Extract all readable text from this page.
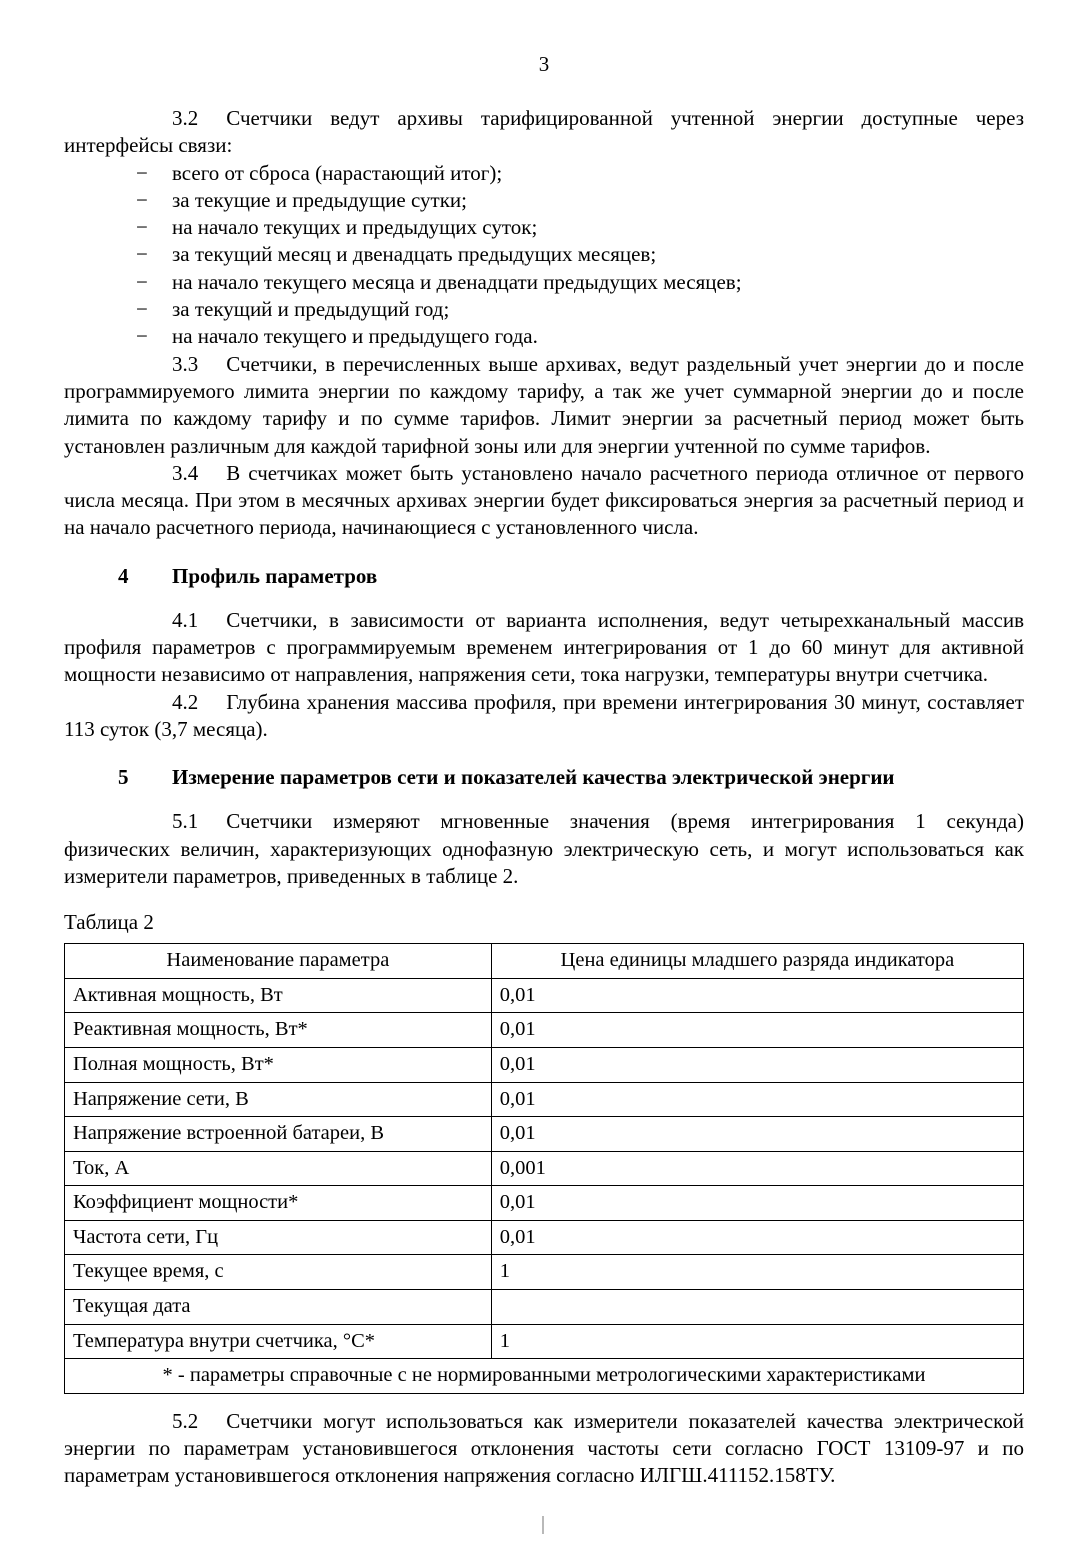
3

3.2 Счетчики ведут архивы тарифицированной учтенной энергии доступные через интерфейсы связи:

− всего от сброса (нарастающий итог);
− за текущие и предыдущие сутки;
− на начало текущих и предыдущих суток;
− за текущий месяц и двенадцать предыдущих месяцев;
− на начало текущего месяца и двенадцати предыдущих месяцев;
− за текущий и предыдущий год;
− на начало текущего и предыдущего года.

3.3 Счетчики, в перечисленных выше архивах, ведут раздельный учет энергии до и после программируемого лимита энергии по каждому тарифу, а так же учет суммарной энергии до и после лимита по каждому тарифу и по сумме тарифов. Лимит энергии за расчетный период может быть установлен различным для каждой тарифной зоны или для энергии учтенной по сумме тарифов.

3.4 В счетчиках может быть установлено начало расчетного периода отличное от первого числа месяца. При этом в месячных архивах энергии будет фиксироваться энергия за расчетный период и на начало расчетного периода, начинающиеся с установленного числа.

4	Профиль параметров

4.1 Счетчики, в зависимости от варианта исполнения, ведут четырехканальный массив профиля параметров с программируемым временем интегрирования от 1 до 60 минут для активной мощности независимо от направления, напряжения сети, тока нагрузки, температуры внутри счетчика.

4.2 Глубина хранения массива профиля, при времени интегрирования 30 минут, составляет 113 суток (3,7 месяца).

5	Измерение параметров сети и показателей качества электрической энергии

5.1 Счетчики измеряют мгновенные значения (время интегрирования 1 секунда) физических величин, характеризующих однофазную электрическую сеть, и могут использоваться как измерители параметров, приведенных в таблице 2.

Таблица 2
Наименование параметра	Цена единицы младшего разряда индикатора
Активная мощность, Вт	0,01
Реактивная мощность, Вт*	0,01
Полная мощность, Вт*	0,01
Напряжение сети, В	0,01
Напряжение встроенной батареи, В	0,01
Ток, А	0,001
Коэффициент мощности*	0,01
Частота сети, Гц	0,01
Текущее время, с	1
Текущая дата	
Температура внутри счетчика, °С*	1
* - параметры справочные с не нормированными метрологическими характеристиками	

5.2 Счетчики могут использоваться как измерители показателей качества электрической энергии по параметрам установившегося отклонения частоты сети согласно ГОСТ 13109-97 и по параметрам установившегося отклонения напряжения согласно ИЛГШ.411152.158ТУ.
